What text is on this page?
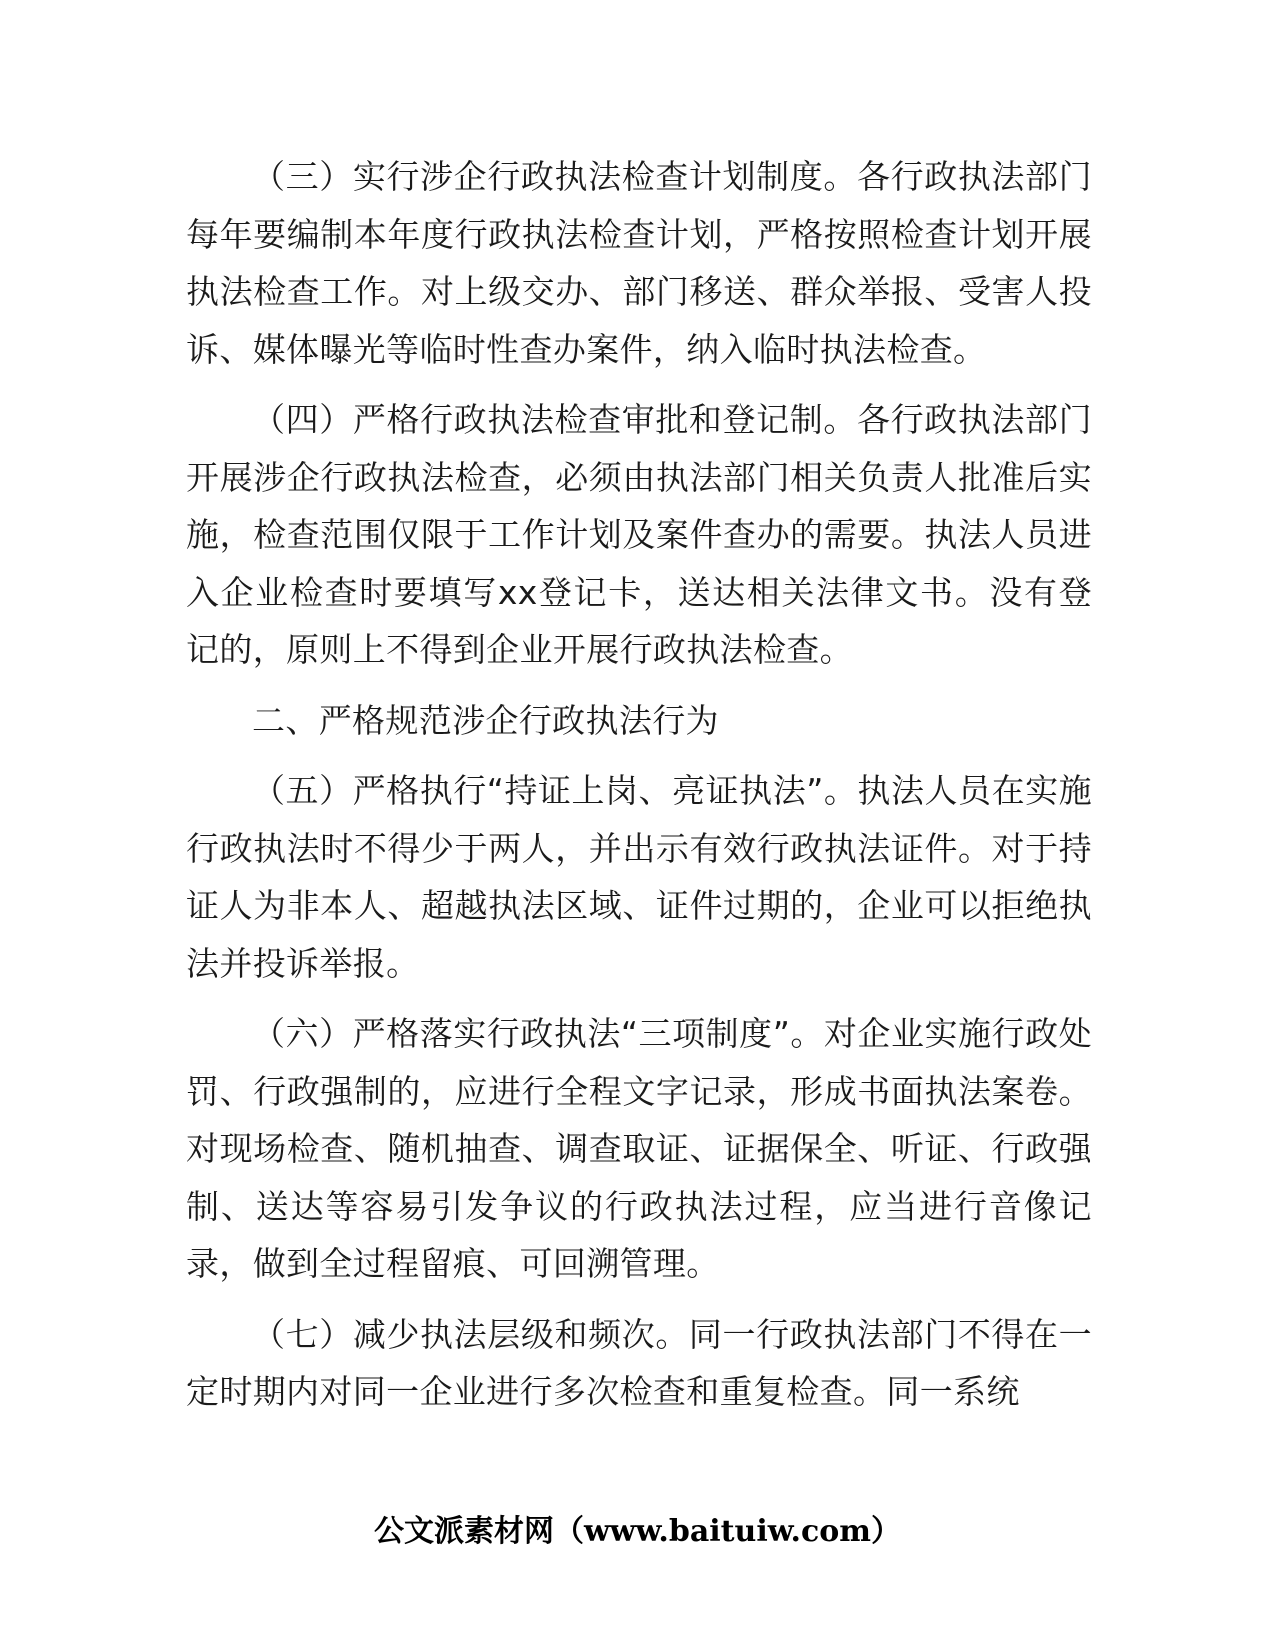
（三）实行涉企行政执法检查计划制度。各行政执法部门每年要编制本年度行政执法检查计划，严格按照检查计划开展执法检查工作。对上级交办、部门移送、群众举报、受害人投诉、媒体曝光等临时性查办案件，纳入临时执法检查。

（四）严格行政执法检查审批和登记制。各行政执法部门开展涉企行政执法检查，必须由执法部门相关负责人批准后实施，检查范围仅限于工作计划及案件查办的需要。执法人员进入企业检查时要填写xx登记卡，送达相关法律文书。没有登记的，原则上不得到企业开展行政执法检查。

二、严格规范涉企行政执法行为

（五）严格执行“持证上岗、亮证执法”。执法人员在实施行政执法时不得少于两人，并出示有效行政执法证件。对于持证人为非本人、超越执法区域、证件过期的，企业可以拒绝执法并投诉举报。

（六）严格落实行政执法“三项制度”。对企业实施行政处罚、行政强制的，应进行全程文字记录，形成书面执法案卷。对现场检查、随机抽查、调查取证、证据保全、听证、行政强制、送达等容易引发争议的行政执法过程，应当进行音像记录，做到全过程留痕、可回溯管理。

（七）减少执法层级和频次。同一行政执法部门不得在一定时期内对同一企业进行多次检查和重复检查。同一系统

公文派素材网（www.baituiw.com）
